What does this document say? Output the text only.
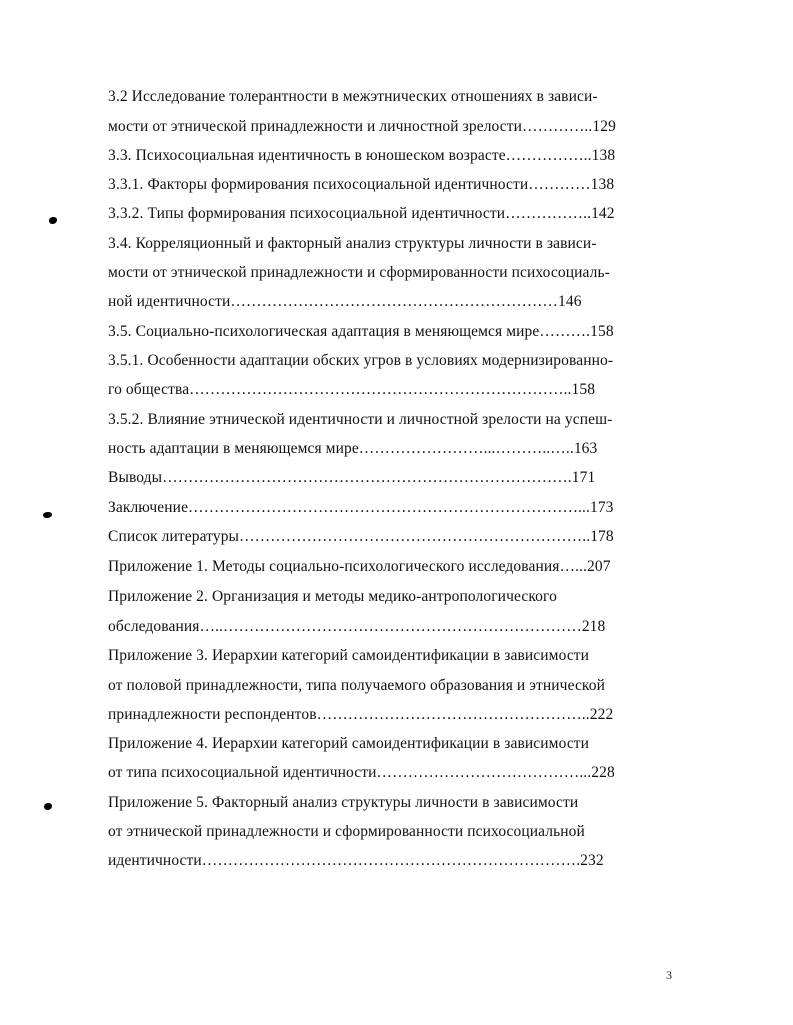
3.2 Исследование толерантности в межэтнических отношениях в зависи-
мости от этнической принадлежности и личностной зрелости…………..129
3.3. Психосоциальная идентичность в юношеском возрасте……………..138
3.3.1. Факторы формирования психосоциальной идентичности…………138
3.3.2. Типы формирования психосоциальной идентичности……………..142
3.4. Корреляционный и факторный анализ структуры личности в зависи-
мости от этнической принадлежности и сформированности психосоциаль-
ной идентичности………………………………………………………146
3.5. Социально-психологическая адаптация в меняющемся мире……….158
3.5.1. Особенности адаптации обских угров в условиях модернизированно-
го общества………………………………………………………………..158
3.5.2. Влияние этнической идентичности и личностной зрелости на успеш-
ность адаптации в меняющемся мире……………………...………..…..163
Выводы…………………………………………………………………….171
Заключение…………………………………………………………………...173
Список литературы…………………………………………………………..178
Приложение 1. Методы социально-психологического исследования…...207
Приложение 2. Организация и методы медико-антропологического
обследования…..……………………………………………………………218
Приложение 3. Иерархии категорий самоидентификации в зависимости
от половой принадлежности, типа получаемого образования и этнической
принадлежности респондентов……………………………………………..222
Приложение 4. Иерархии категорий самоидентификации в зависимости
от типа психосоциальной идентичности…………………………………...228
Приложение 5. Факторный анализ структуры личности в зависимости
от этнической принадлежности и сформированности психосоциальной
идентичности……………………………………………………………….232
3
